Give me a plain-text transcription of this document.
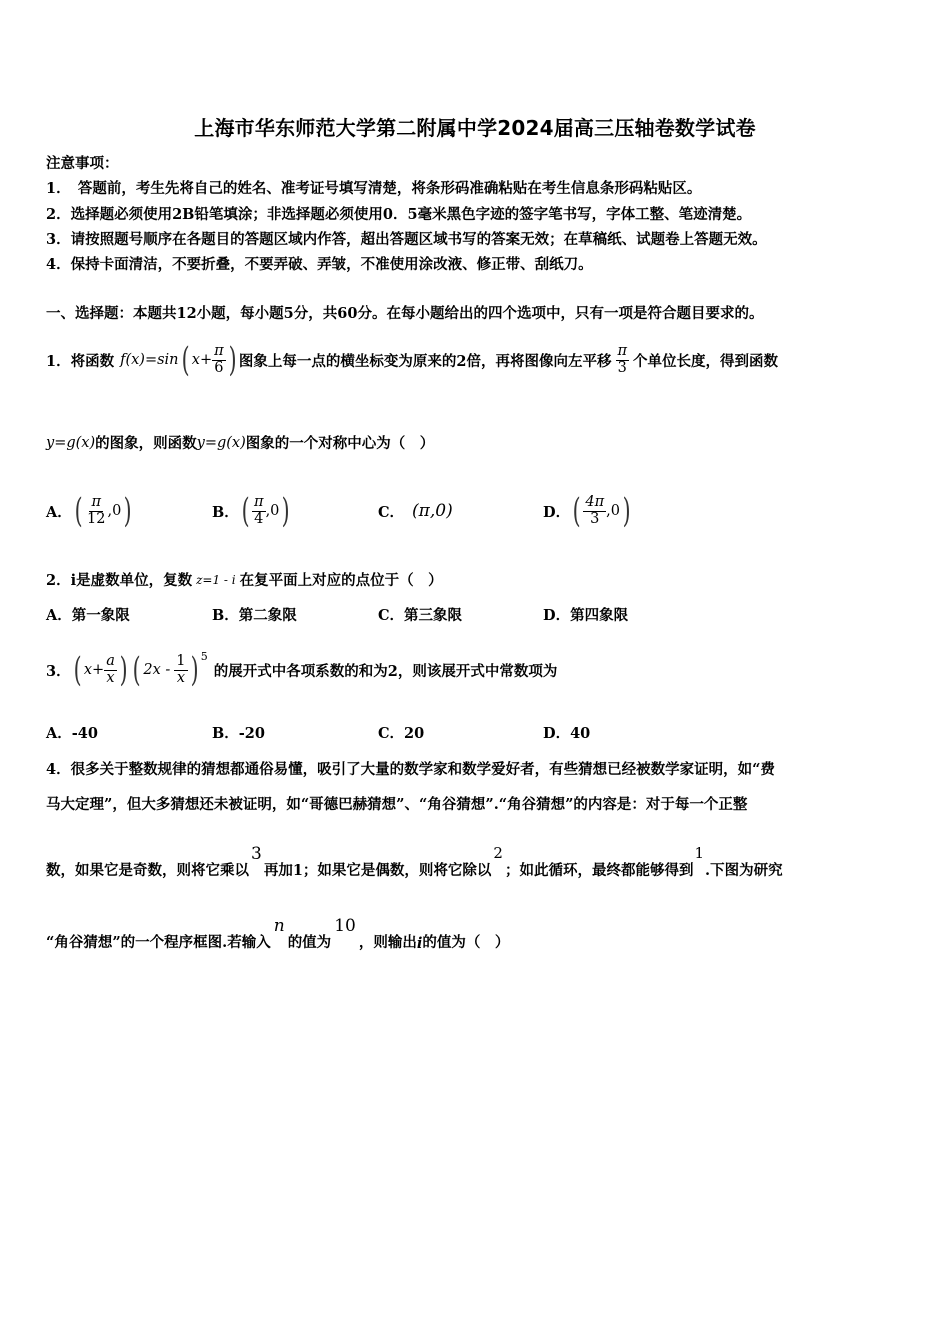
上海市华东师范大学第二附属中学2024届高三压轴卷数学试卷
注意事项：
1．　答题前，考生先将自己的姓名、准考证号填写清楚，将条形码准确粘贴在考生信息条形码粘贴区。
2．选择题必须使用2B铅笔填涂；非选择题必须使用0．5毫米黑色字迹的签字笔书写，字体工整、笔迹清楚。
3．请按照题号顺序在各题目的答题区域内作答，超出答题区域书写的答案无效；在草稿纸、试题卷上答题无效。
4．保持卡面清洁，不要折叠，不要弄破、弄皱，不准使用涂改液、修正带、刮纸刀。
一、选择题：本题共12小题，每小题5分，共60分。在每小题给出的四个选项中，只有一项是符合题目要求的。
1．将函数 f(x)=sin ( $x+ \frac{\pi}{6}$ ) 图象上每一点的横坐标变为原来的2倍，再将图像向左平移 $\frac{\pi}{3}$ 个单位长度，得到函数
y=g(x) 的图象，则函数 y=g(x) 图象的一个对称中心为（　）
A． ( $\frac{\pi}{12} ,0$ )	B． ( $\frac{\pi}{4} ,0$ )	C． (π,0)	D． ( $\frac{4\pi}{3} ,0$ )
2．i是虚数单位，复数 z=1 - i 在复平面上对应的点位于（　）
A．第一象限	B．第二象限	C．第三象限	D．第四象限
3． ( $x+ \frac{a}{x}$ ) ( $2x - \frac{1}{x}$ ) 5
的展开式中各项系数的和为2，则该展开式中常数项为
A．-40	B．-20	C．20	D．40
4．很多关于整数规律的猜想都通俗易懂，吸引了大量的数学家和数学爱好者，有些猜想已经被数学家证明，如“费
马大定理”，但大多猜想还未被证明，如“哥德巴赫猜想”、“角谷猜想”.“角谷猜想”的内容是：对于每一个正整
数，如果它是奇数，则将它乘以
3
再加1；如果它是偶数，则将它除以
2
；如此循环，最终都能够得到
1
.下图为研究
“角谷猜想”的一个程序框图.若输入
n
的值为
10
，则输出 i 的值为（　）
